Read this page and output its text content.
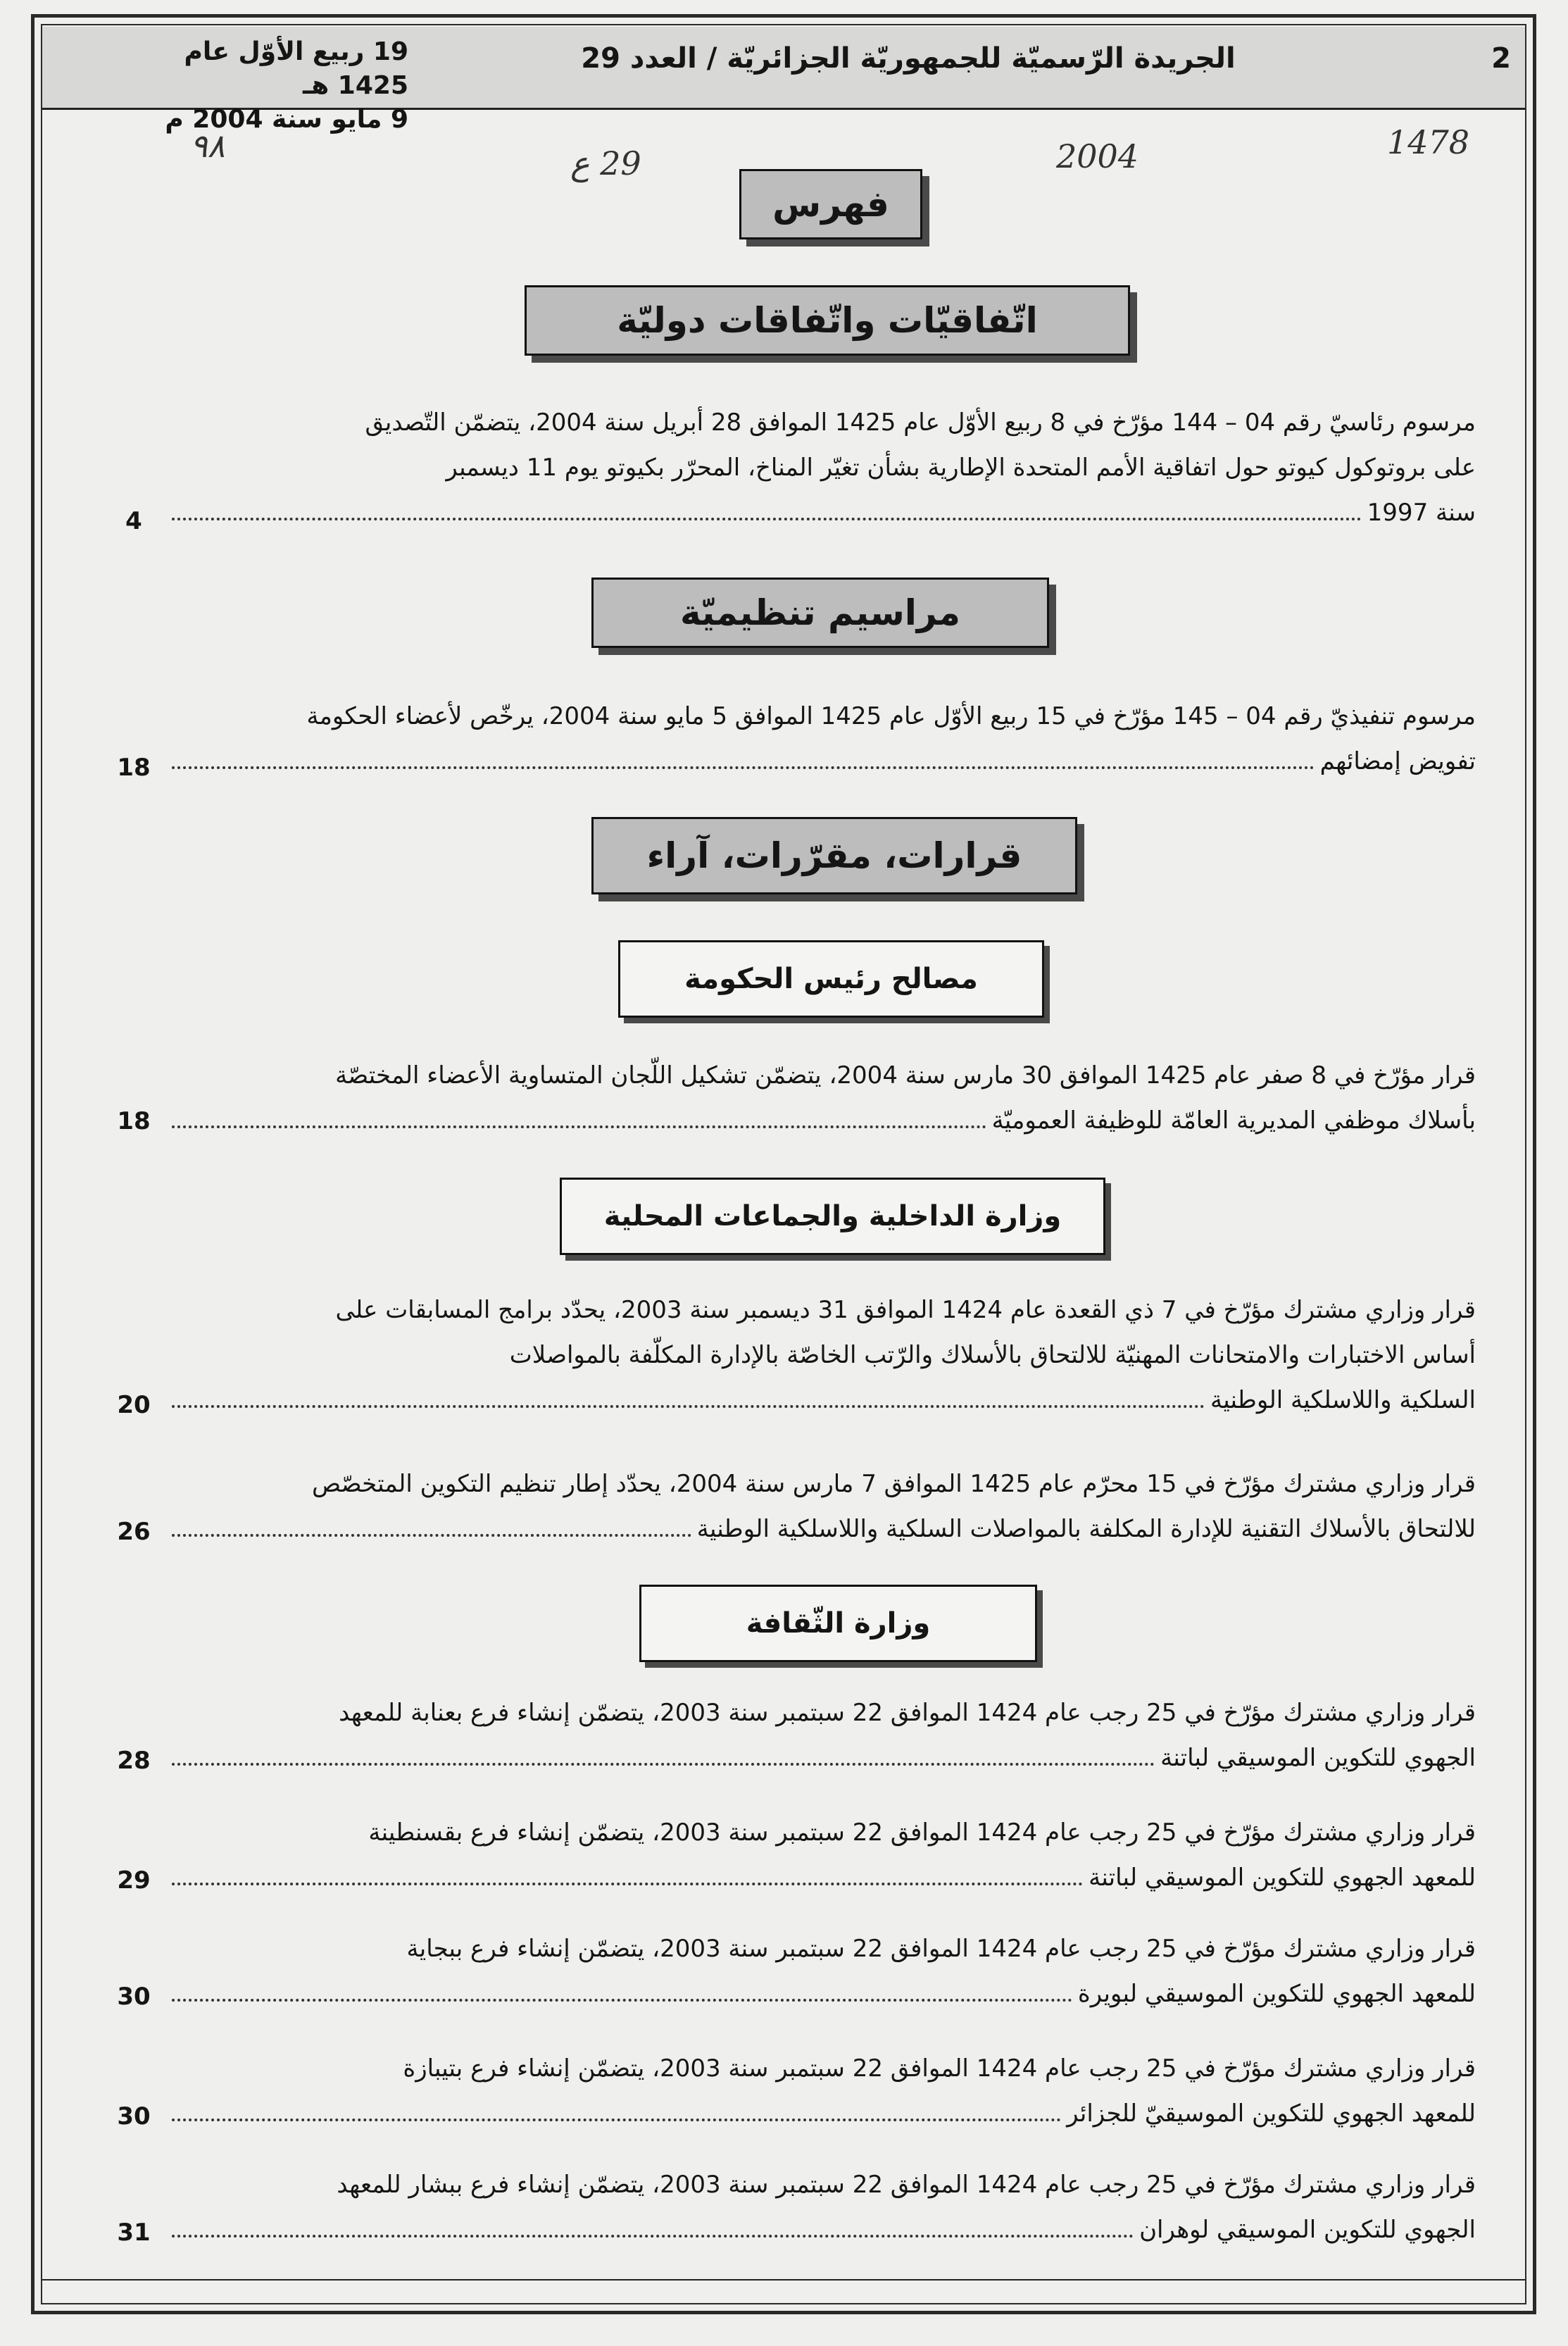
2
الجريدة الرّسميّة للجمهوريّة الجزائريّة / العدد 29
19 ربيع الأوّل عام 1425 هـ
9 مايو سنة 2004 م
٩٨	29 ع	2004	1478
فهرس
اتّفاقيّات واتّفاقات دوليّة
مرسوم رئاسيّ رقم 04 – 144 مؤرّخ في 8 ربيع الأوّل عام 1425 الموافق 28 أبريل سنة 2004، يتضمّن التّصديق
على بروتوكول كيوتو حول اتفاقية الأمم المتحدة الإطارية بشأن تغيّر المناخ، المحرّر بكيوتو يوم 11 ديسمبر
سنة 1997
4
مراسيم تنظيميّة
مرسوم تنفيذيّ رقم 04 – 145 مؤرّخ في 15 ربيع الأوّل عام 1425 الموافق 5 مايو سنة 2004، يرخّص لأعضاء الحكومة
تفويض إمضائهم
18
قرارات، مقرّرات، آراء
مصالح رئيس الحكومة
قرار مؤرّخ في 8 صفر عام 1425 الموافق 30 مارس سنة 2004، يتضمّن تشكيل اللّجان المتساوية الأعضاء المختصّة
بأسلاك موظفي المديرية العامّة للوظيفة العموميّة
18
وزارة الداخلية والجماعات المحلية
قرار وزاري مشترك مؤرّخ في 7 ذي القعدة عام 1424 الموافق 31 ديسمبر سنة 2003، يحدّد برامج المسابقات على
أساس الاختبارات والامتحانات المهنيّة للالتحاق بالأسلاك والرّتب الخاصّة بالإدارة المكلّفة بالمواصلات
السلكية واللاسلكية الوطنية
20
قرار وزاري مشترك مؤرّخ في 15 محرّم عام 1425 الموافق 7 مارس سنة 2004، يحدّد إطار تنظيم التكوين المتخصّص
للالتحاق بالأسلاك التقنية للإدارة المكلفة بالمواصلات السلكية واللاسلكية الوطنية
26
وزارة الثّقافة
قرار وزاري مشترك مؤرّخ في 25 رجب عام 1424 الموافق 22 سبتمبر سنة 2003، يتضمّن إنشاء فرع بعنابة للمعهد
الجهوي للتكوين الموسيقي لباتنة
28
قرار وزاري مشترك مؤرّخ في 25 رجب عام 1424 الموافق 22 سبتمبر سنة 2003، يتضمّن إنشاء فرع بقسنطينة
للمعهد الجهوي للتكوين الموسيقي لباتنة
29
قرار وزاري مشترك مؤرّخ في 25 رجب عام 1424 الموافق 22 سبتمبر سنة 2003، يتضمّن إنشاء فرع ببجاية
للمعهد الجهوي للتكوين الموسيقي لبويرة
30
قرار وزاري مشترك مؤرّخ في 25 رجب عام 1424 الموافق 22 سبتمبر سنة 2003، يتضمّن إنشاء فرع بتيبازة
للمعهد الجهوي للتكوين الموسيقيّ للجزائر
30
قرار وزاري مشترك مؤرّخ في 25 رجب عام 1424 الموافق 22 سبتمبر سنة 2003، يتضمّن إنشاء فرع ببشار للمعهد
الجهوي للتكوين الموسيقي لوهران
31
